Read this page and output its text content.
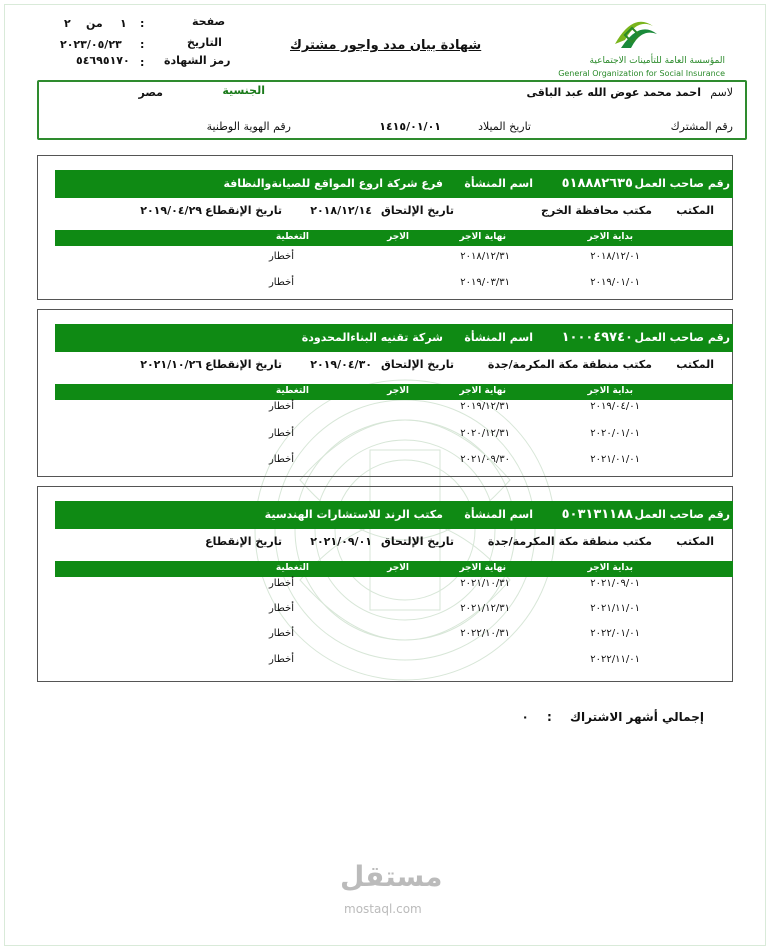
صفحة
:
١
من
٢
التاريخ
:
٢٠٢٣/٠٥/٢٣
رمز الشهادة
:
٥٤٦٩٥١٧٠
شهادة بيان مدد واجور مشترك
المؤسسة العامة للتأمينات الاجتماعية
General Organization for Social Insurance
لاسم
احمد محمد عوض الله عبد الباقى
الجنسية
مصر
رقم المشترك
تاريخ الميلاد
١٤١٥/٠١/٠١
رقم الهوية الوطنية
رقم صاحب العمل
٥١٨٨٨٢٦٣٥
اسم المنشأة
فرع شركة اروع المواقع للصيانةوالنظافة
المكتب
مكتب محافظة الخرج
تاريخ الإلتحاق
٢٠١٨/١٢/١٤
تاريخ الإنقطاع
٢٠١٩/٠٤/٢٩
بداية الاجر
نهاية الاجر
الاجر
التغطية
٢٠١٨/١٢/٠١
٢٠١٨/١٢/٣١
أخطار
٢٠١٩/٠١/٠١
٢٠١٩/٠٣/٣١
أخطار
رقم صاحب العمل
١٠٠٠٤٩٧٤٠
اسم المنشأة
شركة تقنيه البناءالمحدودة
المكتب
مكتب منطقة مكة المكرمة/جدة
تاريخ الإلتحاق
٢٠١٩/٠٤/٣٠
تاريخ الإنقطاع
٢٠٢١/١٠/٢٦
بداية الاجر
نهاية الاجر
الاجر
التغطية
٢٠١٩/٠٤/٠١
٢٠١٩/١٢/٣١
أخطار
٢٠٢٠/٠١/٠١
٢٠٢٠/١٢/٣١
أخطار
٢٠٢١/٠١/٠١
٢٠٢١/٠٩/٣٠
أخطار
رقم صاحب العمل
٥٠٣١٣١١٨٨
اسم المنشأة
مكتب الرند للاستشارات الهندسية
المكتب
مكتب منطقة مكة المكرمة/جدة
تاريخ الإلتحاق
٢٠٢١/٠٩/٠١
تاريخ الإنقطاع
بداية الاجر
نهاية الاجر
الاجر
التغطية
٢٠٢١/٠٩/٠١
٢٠٢١/١٠/٣١
أخطار
٢٠٢١/١١/٠١
٢٠٢١/١٢/٣١
أخطار
٢٠٢٢/٠١/٠١
٢٠٢٢/١٠/٣١
أخطار
٢٠٢٢/١١/٠١
أخطار
إجمالي أشهر الاشتراك : ٠
مستقل
mostaql.com
